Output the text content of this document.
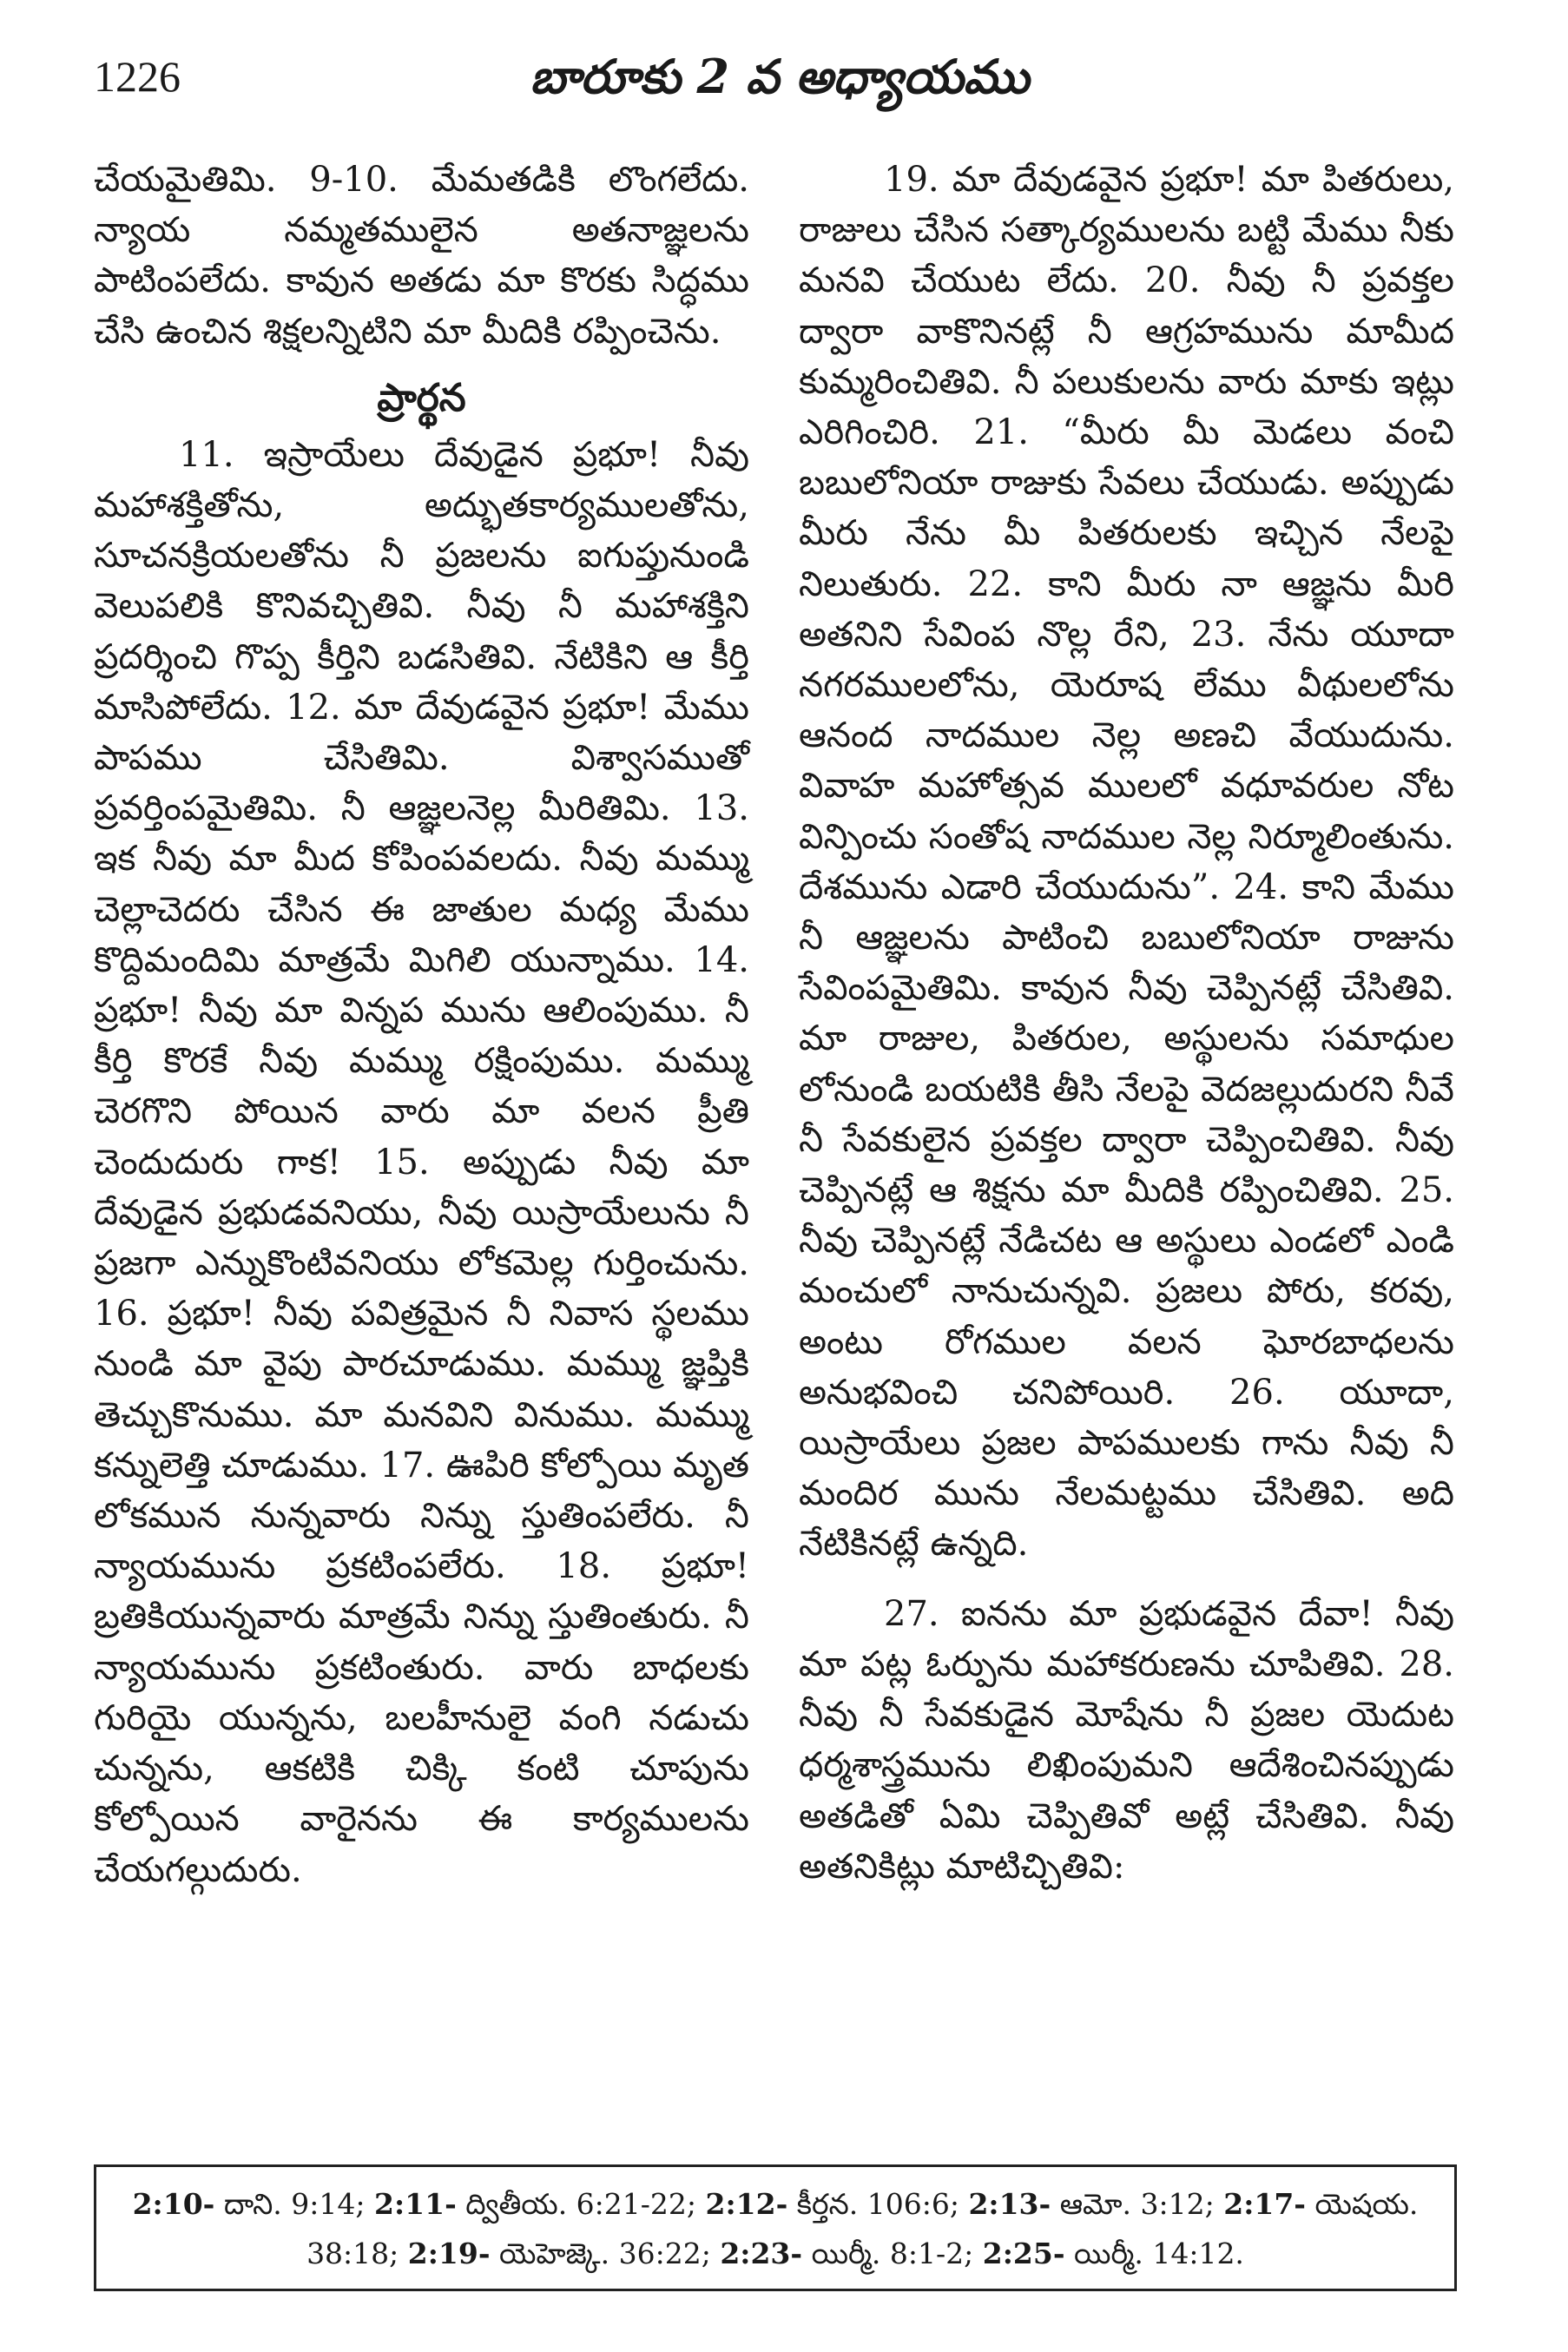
1226	బారూకు 2 వ అధ్యాయము

చేయమైతిమి. 9-10. మేమతడికి లొంగలేదు. న్యాయ నమ్మతములైన అతనాజ్ఞలను పాటింపలేదు. కావున అతడు మా కొరకు సిద్ధము చేసి ఉంచిన శిక్షలన్నిటిని మా మీదికి రప్పించెను.

ప్రార్థన

11. ఇస్రాయేలు దేవుడైన ప్రభూ! నీవు మహాశక్తితోను, అద్భుతకార్యములతోను, సూచనక్రియలతోను నీ ప్రజలను ఐగుప్తునుండి వెలుపలికి కొనివచ్చితివి. నీవు నీ మహాశక్తిని ప్రదర్శించి గొప్ప కీర్తిని బడసితివి. నేటికిని ఆ కీర్తి మాసిపోలేదు. 12. మా దేవుడవైన ప్రభూ! మేము పాపము చేసితిమి. విశ్వాసముతో ప్రవర్తింపమైతిమి. నీ ఆజ్ఞలనెల్ల మీరితిమి. 13. ఇక నీవు మా మీద కోపింపవలదు. నీవు మమ్ము చెల్లాచెదరు చేసిన ఈ జాతుల మధ్య మేము కొద్దిమందిమి మాత్రమే మిగిలి యున్నాము. 14. ప్రభూ! నీవు మా విన్నప మును ఆలింపుము. నీ కీర్తి కొరకే నీవు మమ్ము రక్షింపుము. మమ్ము చెరగొని పోయిన వారు మా వలన ప్రీతి చెందుదురు గాక! 15. అప్పుడు నీవు మా దేవుడైన ప్రభుడవనియు, నీవు యిస్రాయేలును నీ ప్రజగా ఎన్నుకొంటివనియు లోకమెల్ల గుర్తించును. 16. ప్రభూ! నీవు పవిత్రమైన నీ నివాస స్థలము నుండి మా వైపు పారచూడుము. మమ్ము జ్ఞప్తికి తెచ్చుకొనుము. మా మనవిని వినుము. మమ్ము కన్నులెత్తి చూడుము. 17. ఊపిరి కోల్పోయి మృత లోకమున నున్నవారు నిన్ను స్తుతింపలేరు. నీ న్యాయమును ప్రకటింపలేరు. 18. ప్రభూ! బ్రతికియున్నవారు మాత్రమే నిన్ను స్తుతింతురు. నీ న్యాయమును ప్రకటింతురు. వారు బాధలకు గురియై యున్నను, బలహీనులై వంగి నడుచు చున్నను, ఆకటికి చిక్కి కంటి చూపును కోల్పోయిన వారైనను ఈ కార్యములను చేయగల్గుదురు.

19. మా దేవుడవైన ప్రభూ! మా పితరులు, రాజులు చేసిన సత్కార్యములను బట్టి మేము నీకు మనవి చేయుట లేదు. 20. నీవు నీ ప్రవక్తల ద్వారా వాకొనినట్లే నీ ఆగ్రహమును మామీద కుమ్మరించితివి. నీ పలుకులను వారు మాకు ఇట్లు ఎరిగించిరి. 21. “మీరు మీ మెడలు వంచి బబులోనియా రాజుకు సేవలు చేయుడు. అప్పుడు మీరు నేను మీ పితరులకు ఇచ్చిన నేలపై నిలుతురు. 22. కాని మీరు నా ఆజ్ఞను మీరి అతనిని సేవింప నొల్ల రేని, 23. నేను యూదా నగరములలోను, యెరూష లేము వీథులలోను ఆనంద నాదముల నెల్ల అణచి వేయుదును. వివాహ మహోత్సవ ములలో వధూవరుల నోట విన్పించు సంతోష నాదముల నెల్ల నిర్మూలింతును. దేశమును ఎడారి చేయుదును”. 24. కాని మేము నీ ఆజ్ఞలను పాటించి బబులోనియా రాజును సేవింపమైతిమి. కావున నీవు చెప్పినట్లే చేసితివి. మా రాజుల, పితరుల, అస్థులను సమాధుల లోనుండి బయటికి తీసి నేలపై వెదజల్లుదురని నీవే నీ సేవకులైన ప్రవక్తల ద్వారా చెప్పించితివి. నీవు చెప్పినట్లే ఆ శిక్షను మా మీదికి రప్పించితివి. 25. నీవు చెప్పినట్లే నేడిచట ఆ అస్థులు ఎండలో ఎండి మంచులో నానుచున్నవి. ప్రజలు పోరు, కరవు, అంటు రోగముల వలన ఘోరబాధలను అనుభవించి చనిపోయిరి. 26. యూదా, యిస్రాయేలు ప్రజల పాపములకు గాను నీవు నీ మందిర మును నేలమట్టము చేసితివి. అది నేటికినట్లే ఉన్నది.

27. ఐనను మా ప్రభుడవైన దేవా! నీవు మా పట్ల ఓర్పును మహాకరుణను చూపితివి. 28. నీవు నీ సేవకుడైన మోషేను నీ ప్రజల యెదుట ధర్మశాస్త్రమును లిఖింపుమని ఆదేశించినప్పుడు అతడితో ఏమి చెప్పితివో అట్లే చేసితివి. నీవు అతనికిట్లు మాటిచ్చితివి:

2:10- దాని. 9:14; 2:11- ద్వితీయ. 6:21-22; 2:12- కీర్తన. 106:6; 2:13- ఆమో. 3:12; 2:17- యెషయ. 38:18; 2:19- యెహెజ్కె. 36:22; 2:23- యిర్మీ. 8:1-2; 2:25- యిర్మీ. 14:12.
